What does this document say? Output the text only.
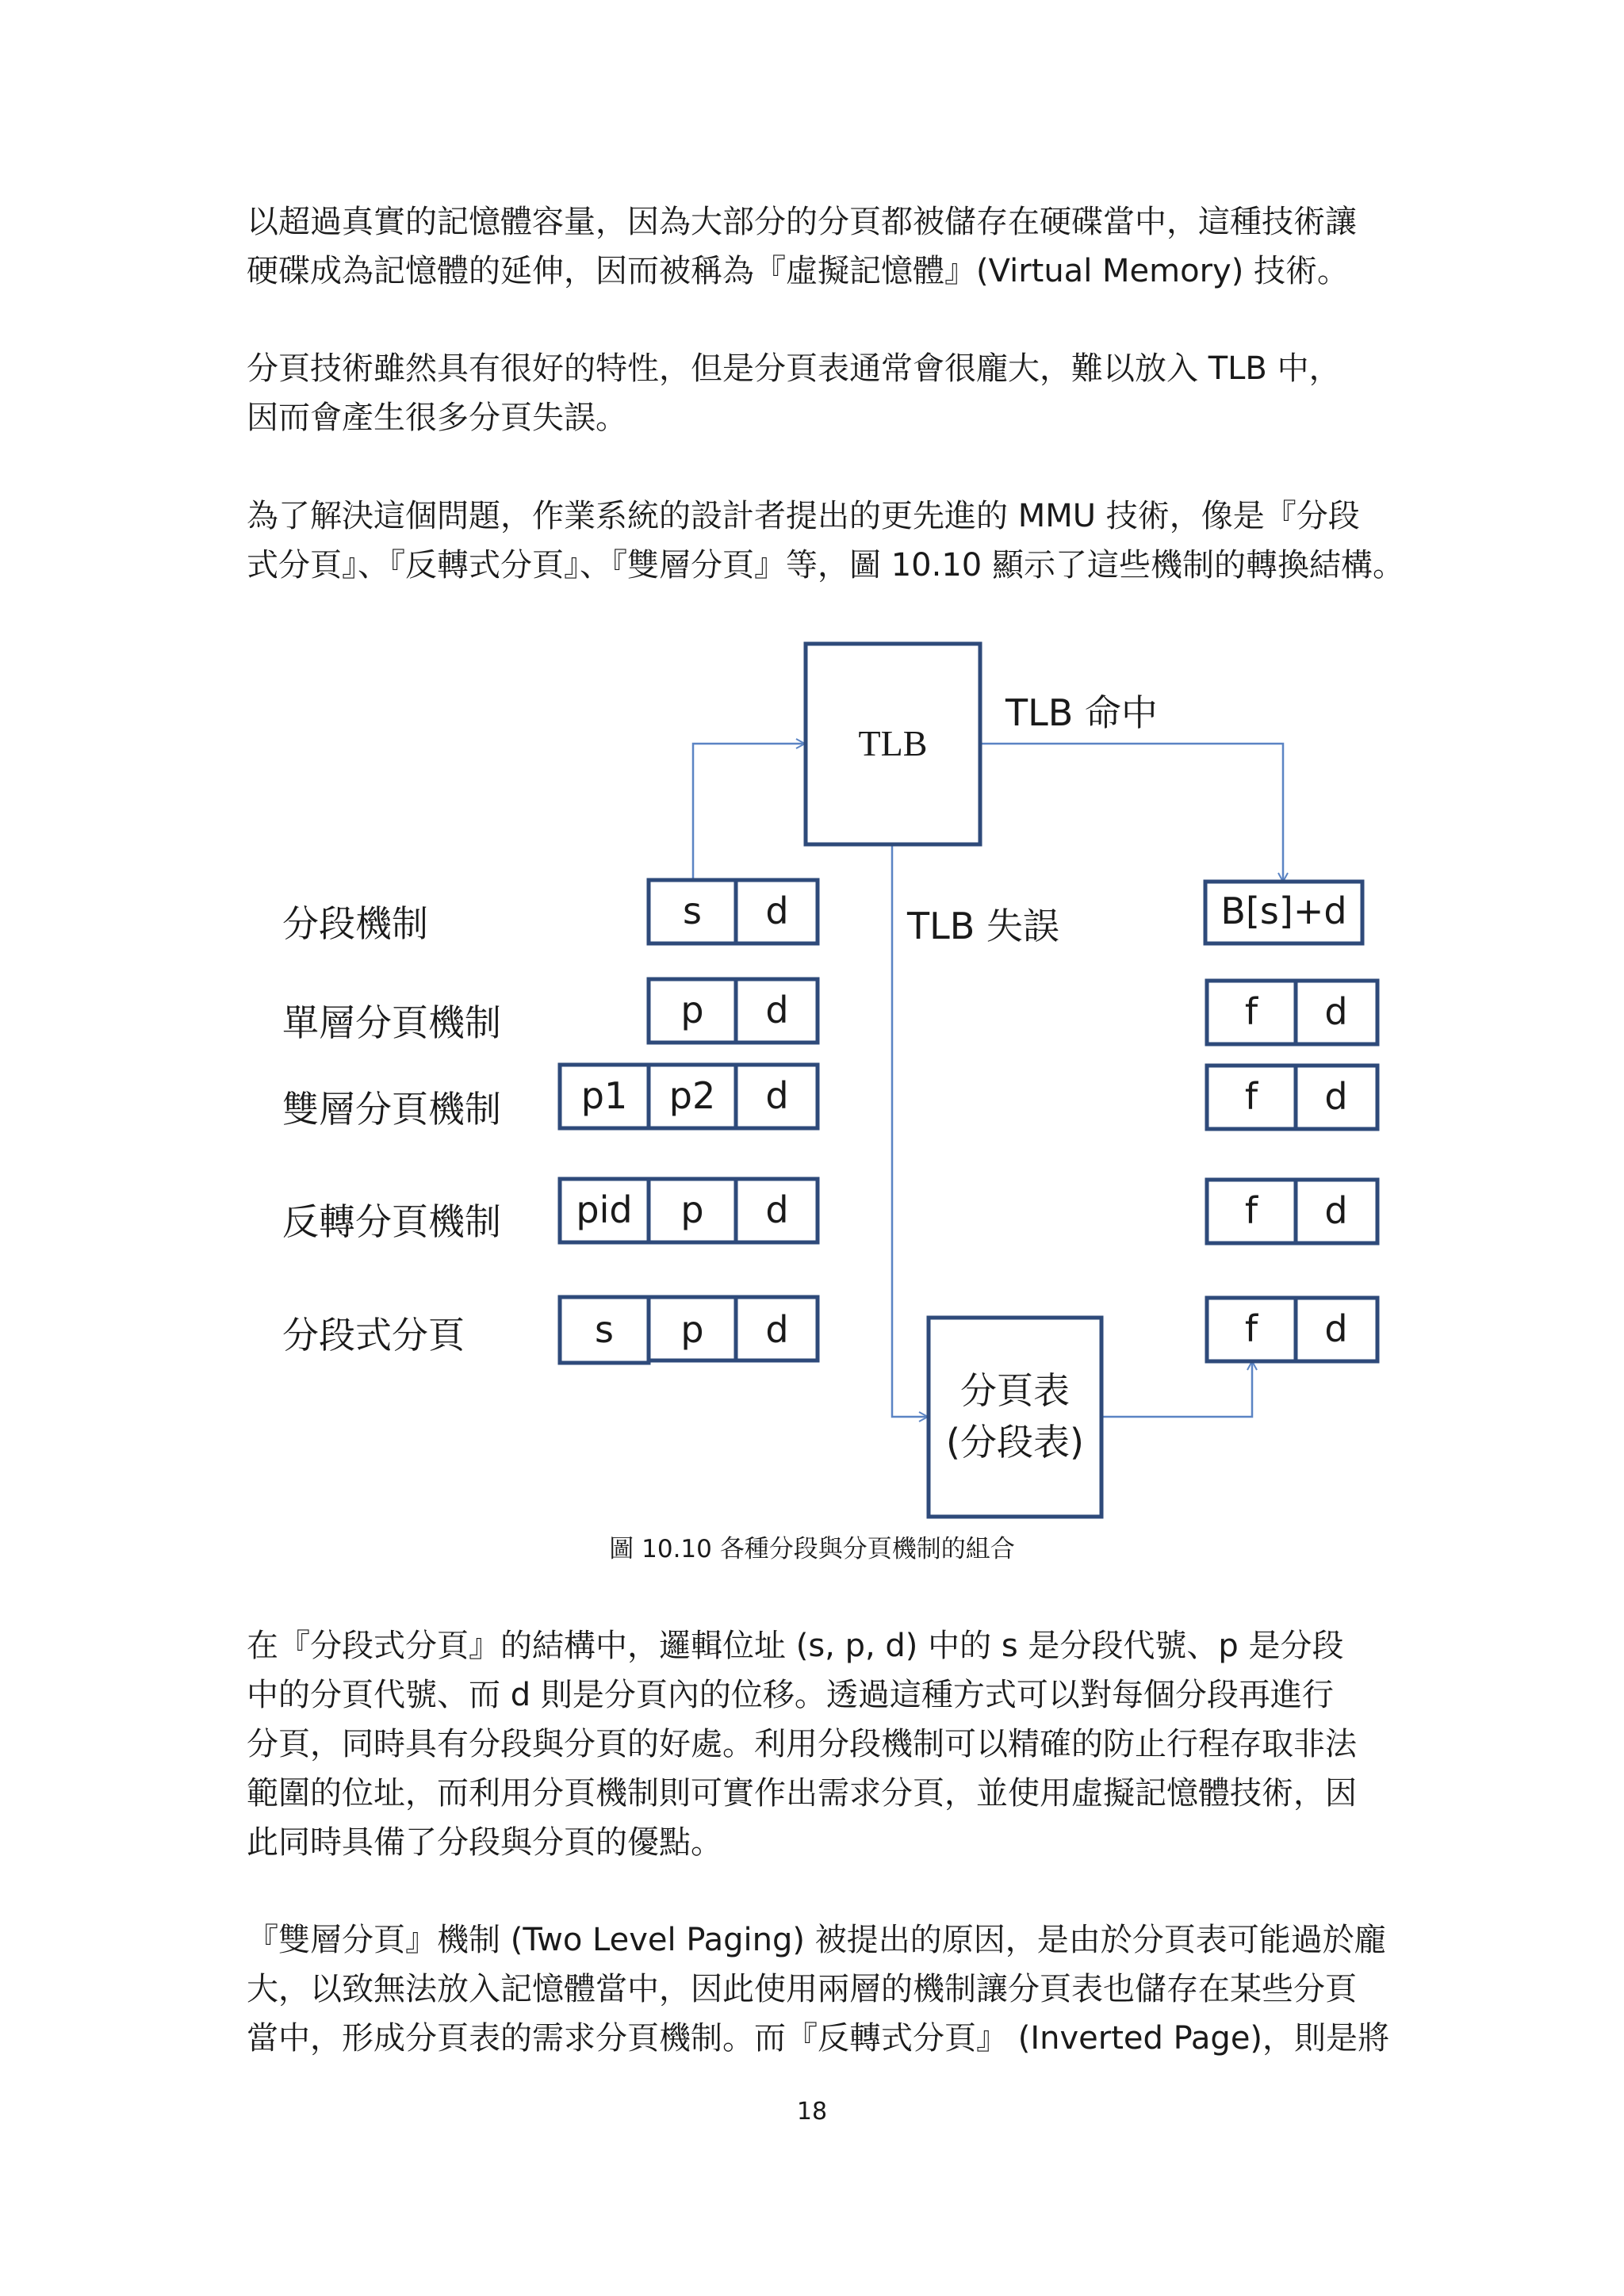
以超過真實的記憶體容量，因為大部分的分頁都被儲存在硬碟當中，這種技術讓
硬碟成為記憶體的延伸，因而被稱為『虛擬記憶體』(Virtual Memory) 技術。
分頁技術雖然具有很好的特性，但是分頁表通常會很龐大，難以放入 TLB 中，
因而會產生很多分頁失誤。
為了解決這個問題，作業系統的設計者提出的更先進的 MMU 技術，像是『分段
式分頁』、『反轉式分頁』、『雙層分頁』等，圖 10.10 顯示了這些機制的轉換結構。
TLB
TLB 命中
TLB 失誤
分頁表
(分段表)
分段機制
單層分頁機制
雙層分頁機制
反轉分頁機制
分段式分頁
s d
p d
p1 p2 d
pid p d
s p d
B[s]+d
f d
f d
f d
f d
圖 10.10 各種分段與分頁機制的組合
在『分段式分頁』的結構中，邏輯位址 (s, p, d) 中的 s 是分段代號、p 是分段
中的分頁代號、而 d 則是分頁內的位移。透過這種方式可以對每個分段再進行
分頁，同時具有分段與分頁的好處。利用分段機制可以精確的防止行程存取非法
範圍的位址，而利用分頁機制則可實作出需求分頁，並使用虛擬記憶體技術，因
此同時具備了分段與分頁的優點。
『雙層分頁』機制 (Two Level Paging) 被提出的原因，是由於分頁表可能過於龐
大，以致無法放入記憶體當中，因此使用兩層的機制讓分頁表也儲存在某些分頁
當中，形成分頁表的需求分頁機制。而『反轉式分頁』 (Inverted Page)，則是將
18
